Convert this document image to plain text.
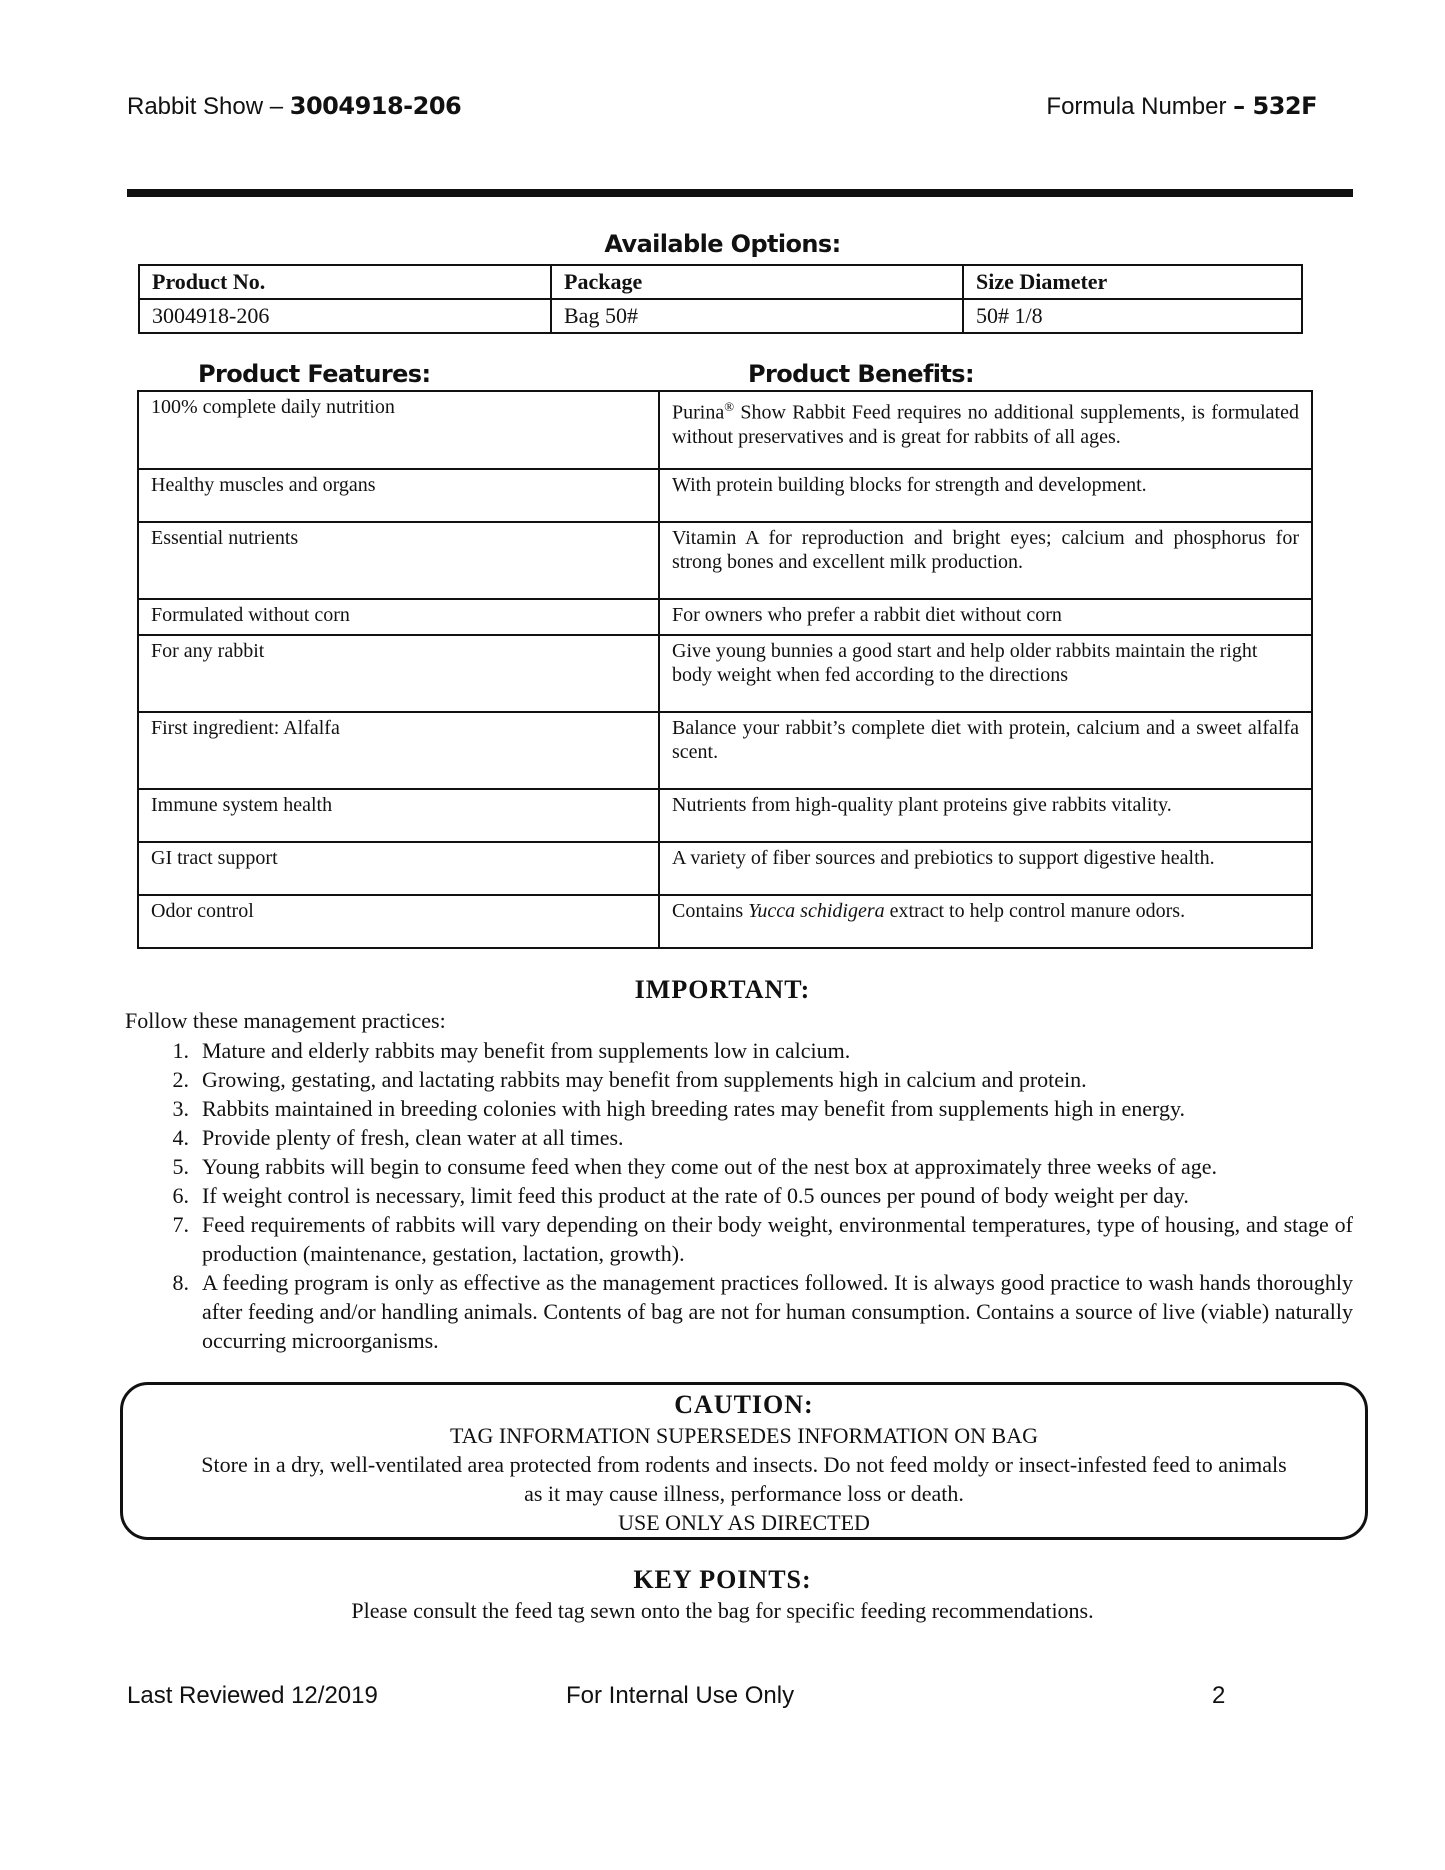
Rabbit Show – 3004918-206	Formula Number – 532F
Available Options:
Product No.	Package	Size Diameter
3004918-206	Bag 50#	50# 1/8
Product Features:	Product Benefits:
100% complete daily nutrition	Purina® Show Rabbit Feed requires no additional supplements, is formulated without preservatives and is great for rabbits of all ages.
Healthy muscles and organs	With protein building blocks for strength and development.
Essential nutrients	Vitamin A for reproduction and bright eyes; calcium and phosphorus for strong bones and excellent milk production.
Formulated without corn	For owners who prefer a rabbit diet without corn
For any rabbit	Give young bunnies a good start and help older rabbits maintain the right body weight when fed according to the directions
First ingredient: Alfalfa	Balance your rabbit’s complete diet with protein, calcium and a sweet alfalfa scent.
Immune system health	Nutrients from high-quality plant proteins give rabbits vitality.
GI tract support	A variety of fiber sources and prebiotics to support digestive health.
Odor control	Contains Yucca schidigera extract to help control manure odors.
IMPORTANT:
Follow these management practices:
1. Mature and elderly rabbits may benefit from supplements low in calcium.
2. Growing, gestating, and lactating rabbits may benefit from supplements high in calcium and protein.
3. Rabbits maintained in breeding colonies with high breeding rates may benefit from supplements high in energy.
4. Provide plenty of fresh, clean water at all times.
5. Young rabbits will begin to consume feed when they come out of the nest box at approximately three weeks of age.
6. If weight control is necessary, limit feed this product at the rate of 0.5 ounces per pound of body weight per day.
7. Feed requirements of rabbits will vary depending on their body weight, environmental temperatures, type of housing, and stage of production (maintenance, gestation, lactation, growth).
8. A feeding program is only as effective as the management practices followed. It is always good practice to wash hands thoroughly after feeding and/or handling animals. Contents of bag are not for human consumption. Contains a source of live (viable) naturally occurring microorganisms.
CAUTION:
TAG INFORMATION SUPERSEDES INFORMATION ON BAG
Store in a dry, well-ventilated area protected from rodents and insects. Do not feed moldy or insect-infested feed to animals
as it may cause illness, performance loss or death.
USE ONLY AS DIRECTED
KEY POINTS:
Please consult the feed tag sewn onto the bag for specific feeding recommendations.
Last Reviewed 12/2019	For Internal Use Only	2
